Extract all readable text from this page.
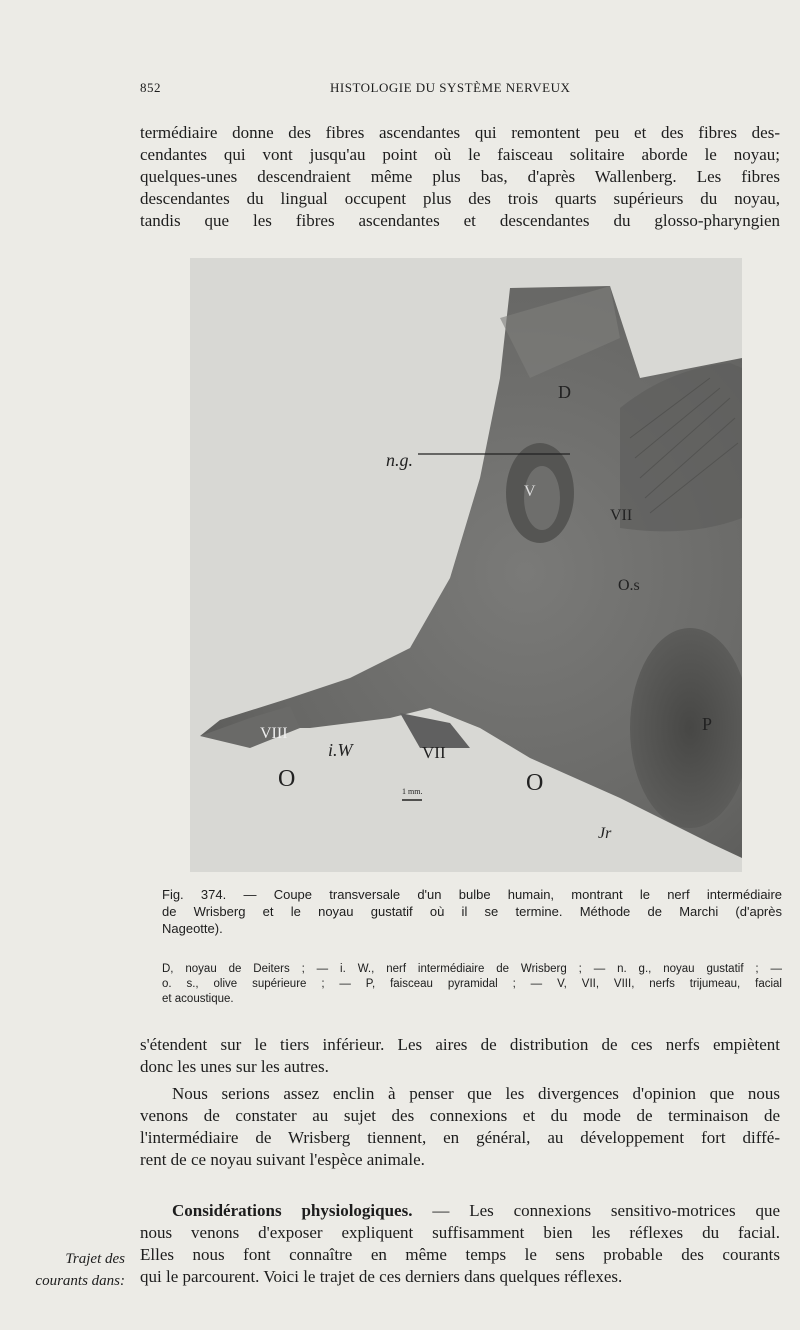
852	HISTOLOGIE DU SYSTÈME NERVEUX
termédiaire donne des fibres ascendantes qui remontent peu et des fibres des-
cendantes qui vont jusqu'au point où le faisceau solitaire aborde le noyau;
quelques-unes descendraient même plus bas, d'après Wallenberg. Les fibres
descendantes du lingual occupent plus des trois quarts supérieurs du noyau,
tandis que les fibres ascendantes et descendantes du glosso-pharyngien
D
n.g.
V
VII
O.s
P
VIII
i.W	VII
O	O
1 mm.
Jr
Fig. 374. — Coupe transversale d'un bulbe humain, montrant le nerf intermédiaire
de Wrisberg et le noyau gustatif où il se termine. Méthode de Marchi (d'après
Nageotte).
D, noyau de Deiters ; — i. W., nerf intermédiaire de Wrisberg ; — n. g., noyau gustatif ; —
o. s., olive supérieure ; — P, faisceau pyramidal ; — V, VII, VIII, nerfs trijumeau, facial
et acoustique.
s'étendent sur le tiers inférieur. Les aires de distribution de ces nerfs empiètent
donc les unes sur les autres.
Nous serions assez enclin à penser que les divergences d'opinion que nous
venons de constater au sujet des connexions et du mode de terminaison de
l'intermédiaire de Wrisberg tiennent, en général, au développement fort diffé-
rent de ce noyau suivant l'espèce animale.
Considérations physiologiques. — Les connexions sensitivo-motrices que
nous venons d'exposer expliquent suffisamment bien les réflexes du facial.
Elles nous font connaître en même temps le sens probable des courants
qui le parcourent. Voici le trajet de ces derniers dans quelques réflexes.
Trajet des
courants dans:
